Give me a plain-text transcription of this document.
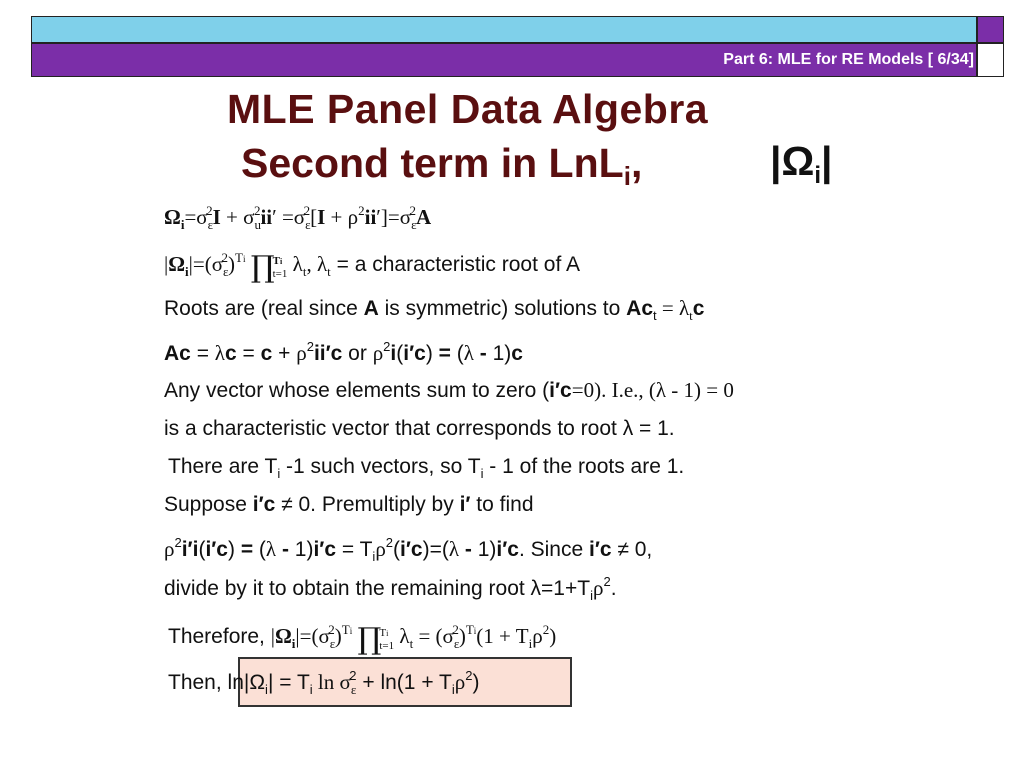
Part 6: MLE for RE Models [ 6/34]
MLE Panel Data Algebra
Second term in LnL$_i$,	$|\Omega_i|$
$\Omega_i=\sigma_\varepsilon^2I + \sigma_u^2ii' =\sigma_\varepsilon^2[I + \rho^2ii']=\sigma_\varepsilon^2A$
$|\Omega_i|=(\sigma_\varepsilon^2)^{Ti}$ ∏Ti
t=1 $\lambda_t$, $\lambda_t = a$ characteristic root of A
Roots are (real since A is symmetric) solutions to $Ac_t = \lambda_tc$
$Ac = \lambda c = c + \rho^2ii'c$ or $\rho^2i(i'c) = (\lambda - 1)c$
Any vector whose elements sum to zero (i′c=0). I.e., (λ - 1) = 0
is a characteristic vector that corresponds to root λ = 1.
There are $T_i$ -1 such vectors, so $T_i - 1$ of the roots are 1.
Suppose i′c ≠ 0. Premultiply by i′ to find
$\rho^2i'i(i'c) = (\lambda - 1)i'c = T_i\rho^2(i'c)=(\lambda - 1)i'c$. Since i′c ≠ 0,
divide by it to obtain the remaining root $\lambda=1+T_i\rho^2$.
Therefore, $|\Omega_i|=(\sigma_\varepsilon^2)^{Ti}$ ∏Ti
t=1 $\lambda_t = (\sigma_\varepsilon^2)^{Ti}(1 + T_i\rho^2)$
Then, $\ln|\Omega_i| = T_i$ $\ln \sigma_\varepsilon^2 + \ln(1 + T_i\rho^2)$
